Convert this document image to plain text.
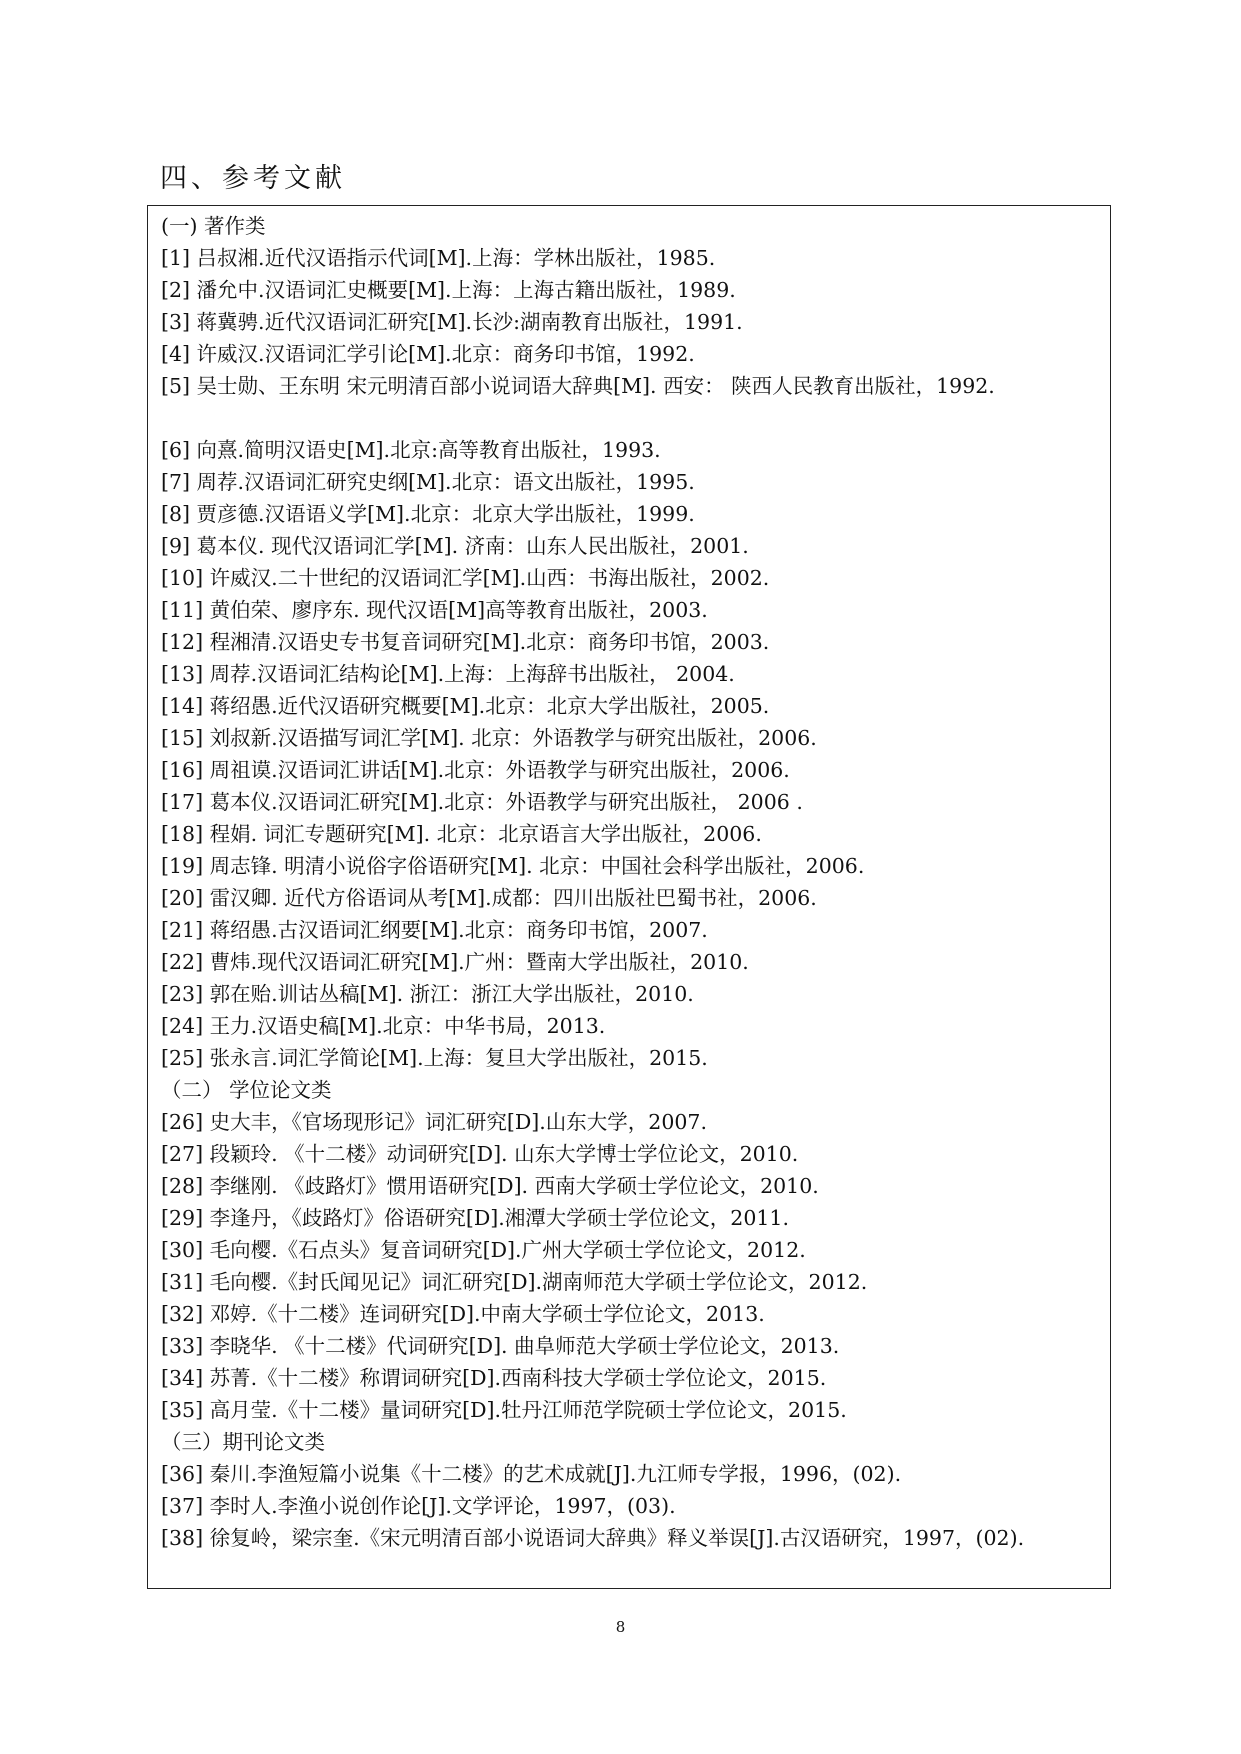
四、参考文献
(一) 著作类
[1] 吕叔湘.近代汉语指示代词[M].上海：学林出版社，1985.
[2] 潘允中.汉语词汇史概要[M].上海：上海古籍出版社，1989.
[3] 蒋冀骋.近代汉语词汇研究[M].长沙:湖南教育出版社，1991.
[4] 许威汉.汉语词汇学引论[M].北京：商务印书馆，1992.
[5] 吴士勋、王东明 宋元明清百部小说词语大辞典[M]. 西安： 陕西人民教育出版社，1992.
[6] 向熹.简明汉语史[M].北京:高等教育出版社，1993.
[7] 周荐.汉语词汇研究史纲[M].北京：语文出版社，1995.
[8] 贾彦德.汉语语义学[M].北京：北京大学出版社，1999.
[9] 葛本仪. 现代汉语词汇学[M]. 济南：山东人民出版社，2001.
[10] 许威汉.二十世纪的汉语词汇学[M].山西：书海出版社，2002.
[11] 黄伯荣、廖序东. 现代汉语[M]高等教育出版社，2003.
[12] 程湘清.汉语史专书复音词研究[M].北京：商务印书馆，2003.
[13] 周荐.汉语词汇结构论[M].上海：上海辞书出版社， 2004.
[14] 蒋绍愚.近代汉语研究概要[M].北京：北京大学出版社，2005.
[15] 刘叔新.汉语描写词汇学[M]. 北京：外语教学与研究出版社，2006.
[16] 周祖谟.汉语词汇讲话[M].北京：外语教学与研究出版社，2006.
[17] 葛本仪.汉语词汇研究[M].北京：外语教学与研究出版社， 2006 .
[18] 程娟. 词汇专题研究[M]. 北京：北京语言大学出版社，2006.
[19] 周志锋. 明清小说俗字俗语研究[M]. 北京：中国社会科学出版社，2006.
[20] 雷汉卿. 近代方俗语词从考[M].成都：四川出版社巴蜀书社，2006.
[21] 蒋绍愚.古汉语词汇纲要[M].北京：商务印书馆，2007.
[22] 曹炜.现代汉语词汇研究[M].广州：暨南大学出版社，2010.
[23] 郭在贻.训诂丛稿[M]. 浙江：浙江大学出版社，2010.
[24] 王力.汉语史稿[M].北京：中华书局，2013.
[25] 张永言.词汇学简论[M].上海：复旦大学出版社，2015.
（二） 学位论文类
[26] 史大丰，《官场现形记》词汇研究[D].山东大学，2007.
[27] 段颖玲. 《十二楼》动词研究[D]. 山东大学博士学位论文，2010.
[28] 李继刚. 《歧路灯》惯用语研究[D]. 西南大学硕士学位论文，2010.
[29] 李逢丹，《歧路灯》俗语研究[D].湘潭大学硕士学位论文，2011.
[30] 毛向樱.《石点头》复音词研究[D].广州大学硕士学位论文，2012.
[31] 毛向樱.《封氏闻见记》词汇研究[D].湖南师范大学硕士学位论文，2012.
[32] 邓婷.《十二楼》连词研究[D].中南大学硕士学位论文，2013.
[33] 李晓华. 《十二楼》代词研究[D]. 曲阜师范大学硕士学位论文，2013.
[34] 苏菁.《十二楼》称谓词研究[D].西南科技大学硕士学位论文，2015.
[35] 高月莹.《十二楼》量词研究[D].牡丹江师范学院硕士学位论文，2015.
（三）期刊论文类
[36] 秦川.李渔短篇小说集《十二楼》的艺术成就[J].九江师专学报，1996，(02).
[37] 李时人.李渔小说创作论[J].文学评论，1997，(03).
[38] 徐复岭，梁宗奎.《宋元明清百部小说语词大辞典》释义举误[J].古汉语研究，1997，(02).
8
